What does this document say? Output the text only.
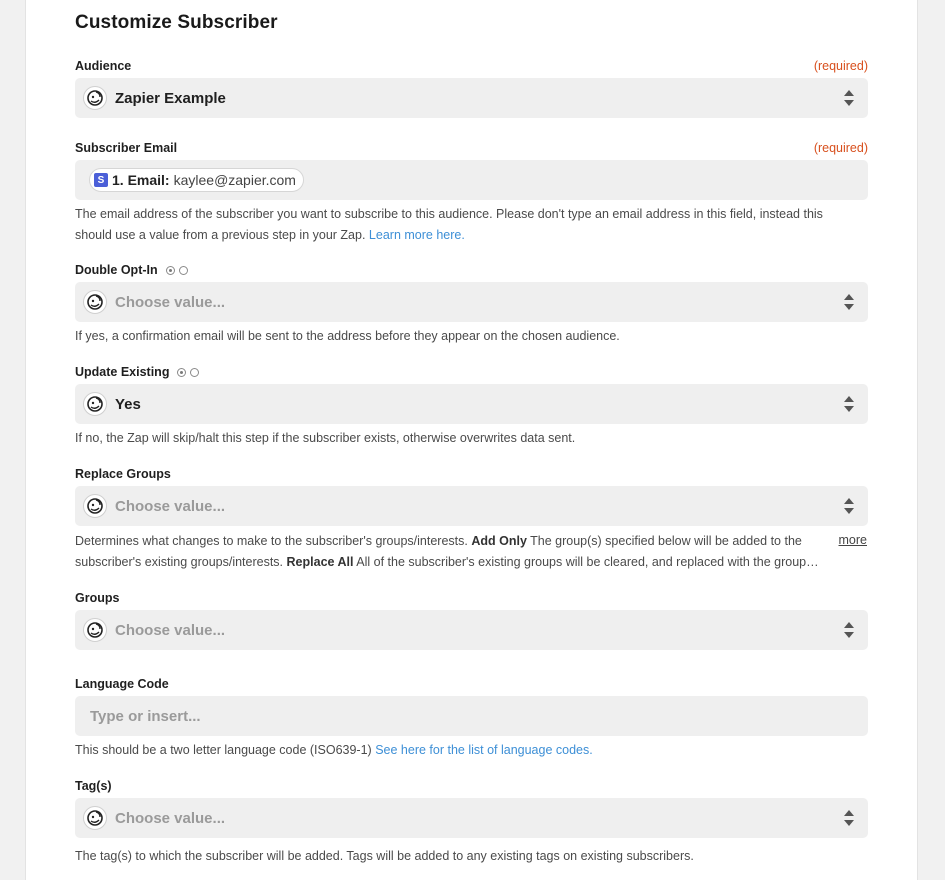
Customize Subscriber
Audience	(required)
Zapier Example
Subscriber Email	(required)
S 1. Email: kaylee@zapier.com
The email address of the subscriber you want to subscribe to this audience. Please don't type an email address in this field, instead this should use a value from a previous step in your Zap. Learn more here.
Double Opt-In
Choose value...
If yes, a confirmation email will be sent to the address before they appear on the chosen audience.
Update Existing
Yes
If no, the Zap will skip/halt this step if the subscriber exists, otherwise overwrites data sent.
Replace Groups
Choose value...
Determines what changes to make to the subscriber's groups/interests. Add Only The group(s) specified below will be added to the subscriber's existing groups/interests. Replace All All of the subscriber's existing groups will be cleared, and replaced with the group…
more
Groups
Choose value...
Language Code
Type or insert...
This should be a two letter language code (ISO639-1) See here for the list of language codes.
Tag(s)
Choose value...
The tag(s) to which the subscriber will be added. Tags will be added to any existing tags on existing subscribers.
